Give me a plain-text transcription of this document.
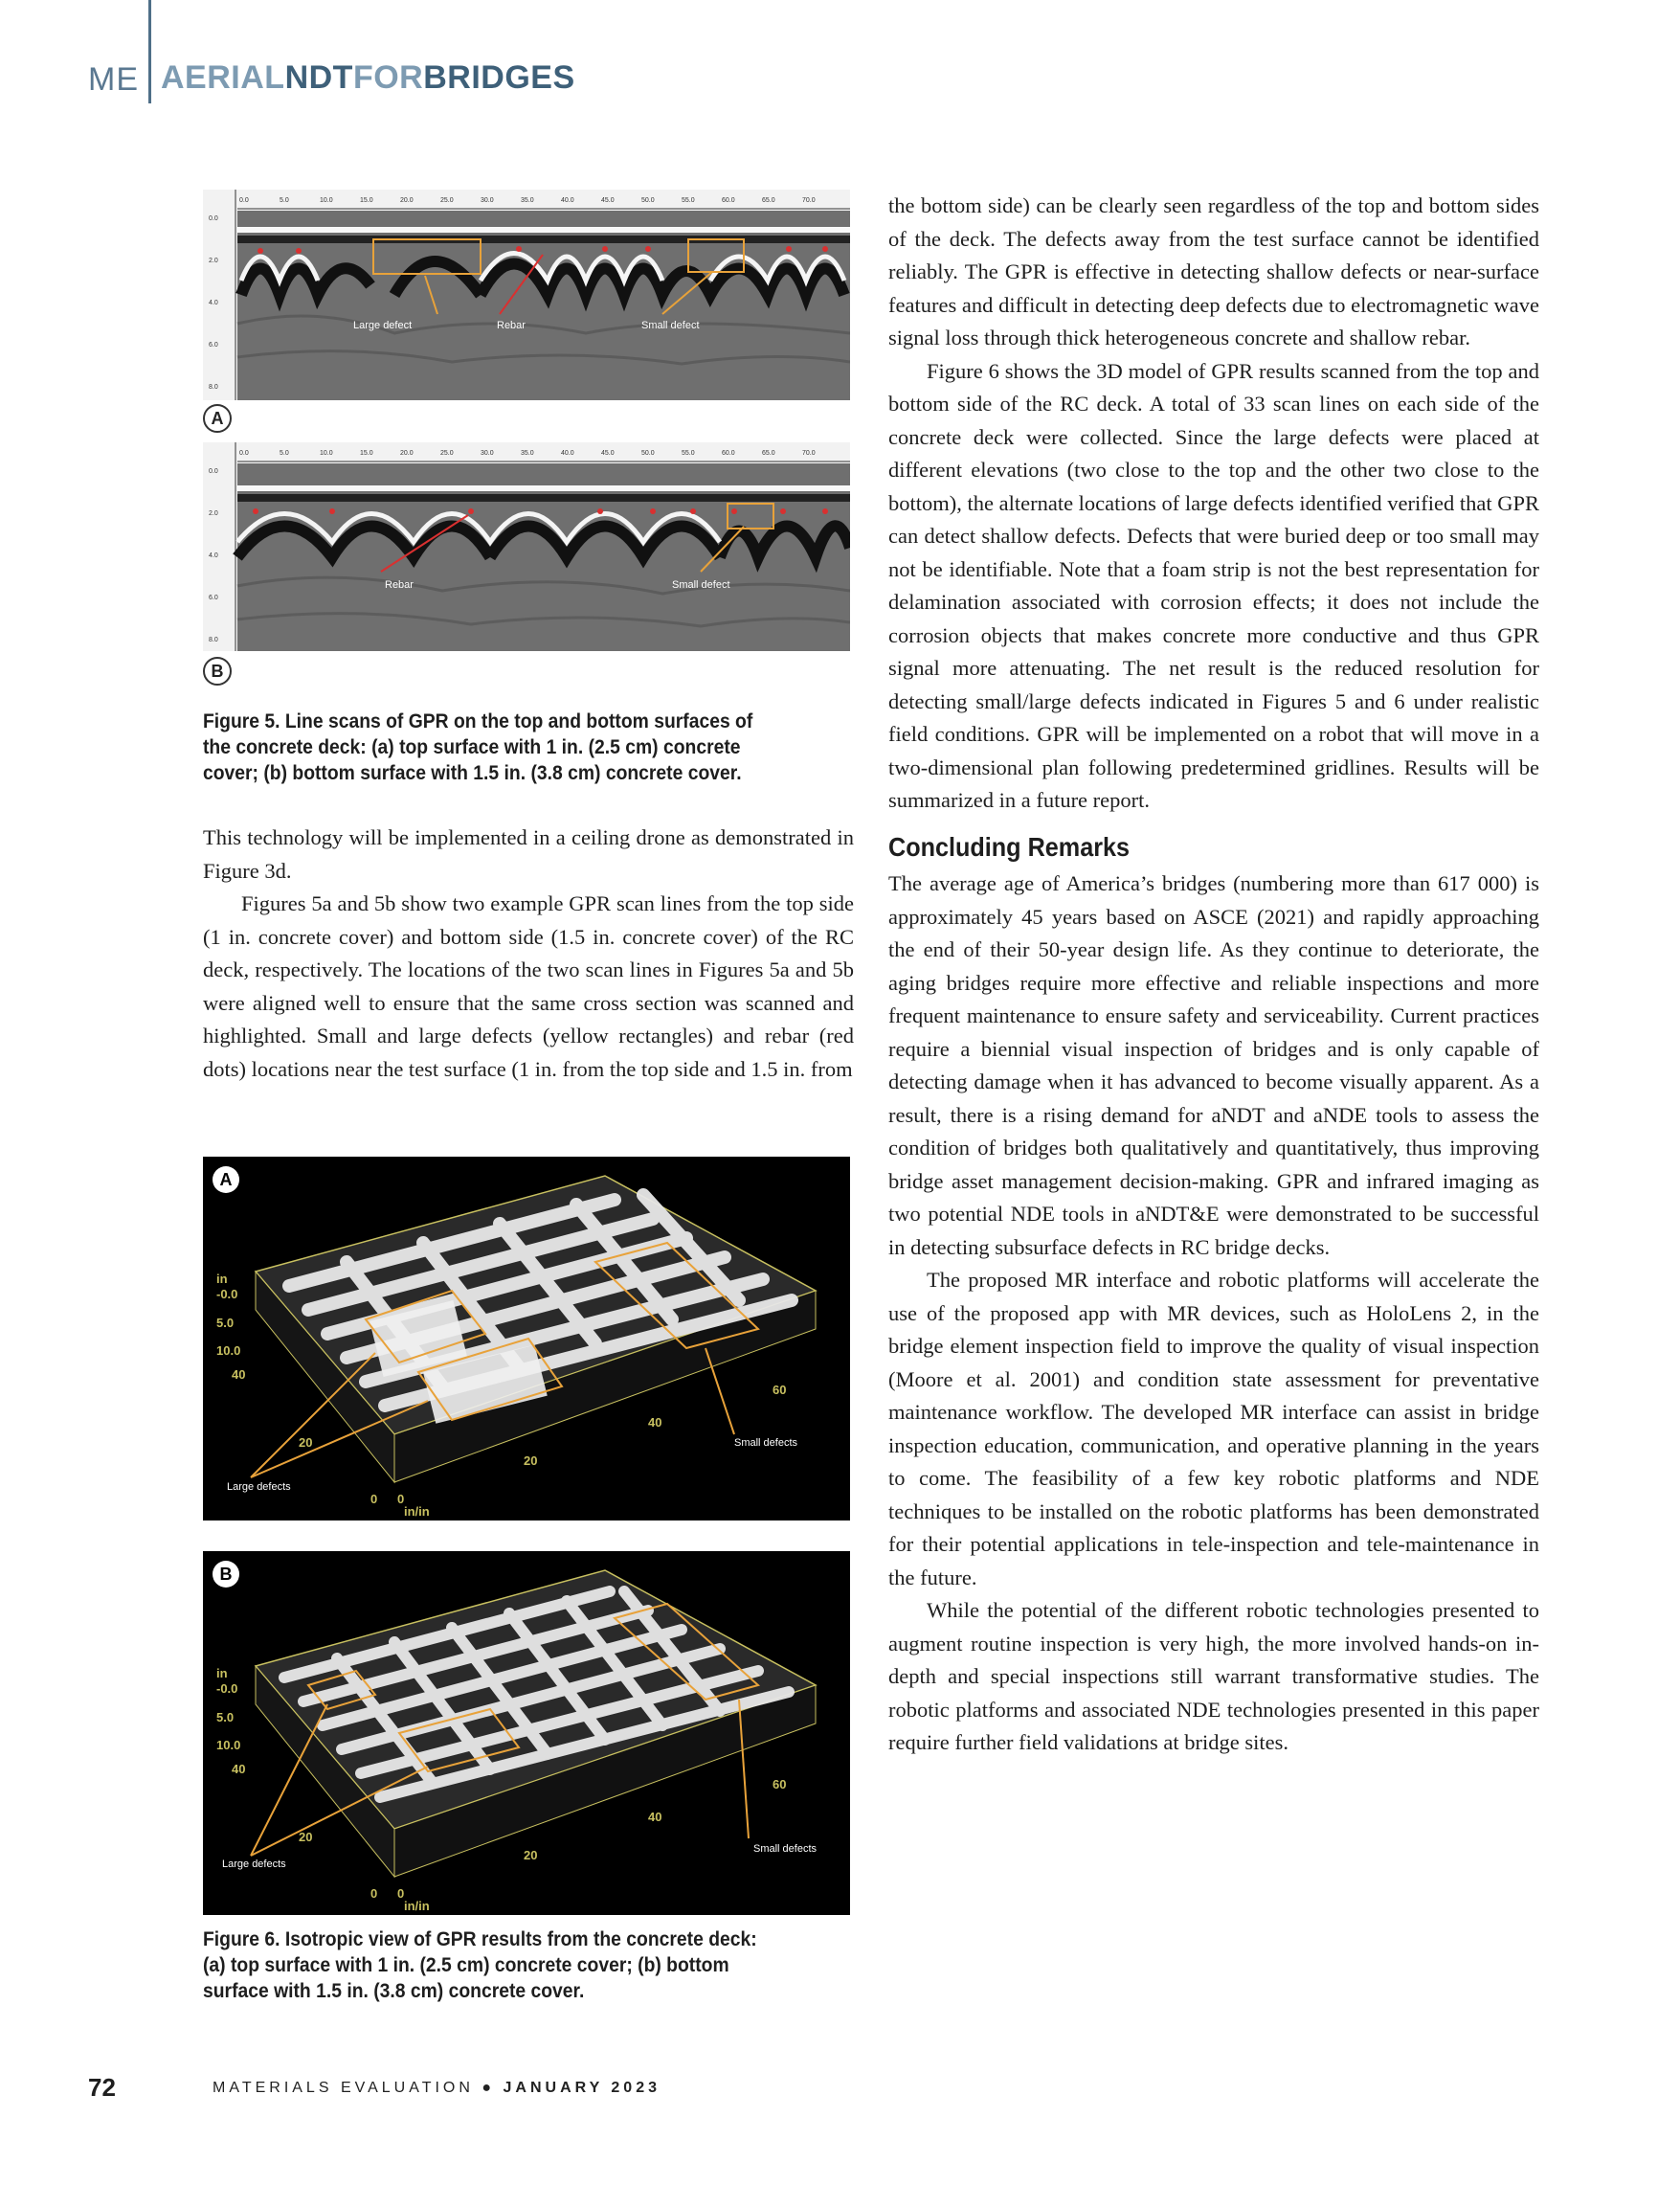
ME AERIALNDTFORBRIDGES
Large defect	Rebar	Small defect
0.0	5.0	10.0	15.0	20.0	25.0	30.0	35.0	40.0	45.0	50.0	55.0	60.0	65.0	70.0
0.0
2.0
4.0
6.0
8.0
A
Rebar	Small defect
0.0	5.0	10.0	15.0	20.0	25.0	30.0	35.0	40.0	45.0	50.0	55.0	60.0	65.0	70.0
0.0
2.0
4.0
6.0
8.0
B
Figure 5. Line scans of GPR on the top and bottom surfaces of the concrete deck: (a) top surface with 1 in. (2.5 cm) concrete cover; (b) bottom surface with 1.5 in. (3.8 cm) concrete cover.

This technology will be implemented in a ceiling drone as demonstrated in Figure 3d.

Figures 5a and 5b show two example GPR scan lines from the top side (1 in. concrete cover) and bottom side (1.5 in. concrete cover) of the RC deck, respectively. The locations of the two scan lines in Figures 5a and 5b were aligned well to ensure that the same cross section was scanned and highlighted. Small and large defects (yellow rectangles) and rebar (red dots) locations near the test surface (1 in. from the top side and 1.5 in. from

in
-0.0
5.0
10.0
40
20
0 0
in/in
20
40
60
Large defects
Small defects
A
in
-0.0
5.0
10.0
40
20
0 0
in/in
20
40
60
Large defects
Small defects
B
Figure 6. Isotropic view of GPR results from the concrete deck: (a) top surface with 1 in. (2.5 cm) concrete cover; (b) bottom surface with 1.5 in. (3.8 cm) concrete cover.

the bottom side) can be clearly seen regardless of the top and bottom sides of the deck. The defects away from the test surface cannot be identified reliably. The GPR is effective in detecting shallow defects or near-surface features and difficult in detecting deep defects due to electromagnetic wave signal loss through thick heterogeneous concrete and shallow rebar.

Figure 6 shows the 3D model of GPR results scanned from the top and bottom side of the RC deck. A total of 33 scan lines on each side of the concrete deck were collected. Since the large defects were placed at different elevations (two close to the top and the other two close to the bottom), the alternate locations of large defects identified verified that GPR can detect shallow defects. Defects that were buried deep or too small may not be identifiable. Note that a foam strip is not the best representation for delamination associated with corrosion effects; it does not include the corrosion objects that makes concrete more conductive and thus GPR signal more attenuating. The net result is the reduced resolution for detecting small/large defects indicated in Figures 5 and 6 under realistic field conditions. GPR will be implemented on a robot that will move in a two-dimensional plan following predetermined gridlines. Results will be summarized in a future report.

Concluding Remarks

The average age of America’s bridges (numbering more than 617 000) is approximately 45 years based on ASCE (2021) and rapidly approaching the end of their 50-year design life. As they continue to deteriorate, the aging bridges require more effective and reliable inspections and more frequent maintenance to ensure safety and serviceability. Current practices require a biennial visual inspection of bridges and is only capable of detecting damage when it has advanced to become visually apparent. As a result, there is a rising demand for aNDT and aNDE tools to assess the condition of bridges both qualitatively and quantitatively, thus improving bridge asset management decision-making. GPR and infrared imaging as two potential NDE tools in aNDT&E were demonstrated to be successful in detecting subsurface defects in RC bridge decks.

The proposed MR interface and robotic platforms will accelerate the use of the proposed app with MR devices, such as HoloLens 2, in the bridge element inspection field to improve the quality of visual inspection (Moore et al. 2001) and condition state assessment for preventative maintenance workflow. The developed MR interface can assist in bridge inspection education, communication, and operative planning in the years to come. The feasibility of a few key robotic platforms and NDE techniques to be installed on the robotic platforms has been demonstrated for their potential applications in tele-inspection and tele-maintenance in the future.

While the potential of the different robotic technologies presented to augment routine inspection is very high, the more involved hands-on in-depth and special inspections still warrant transformative studies. The robotic platforms and associated NDE technologies presented in this paper require further field validations at bridge sites.

72	MATERIALS EVALUATION ● JANUARY 2023
